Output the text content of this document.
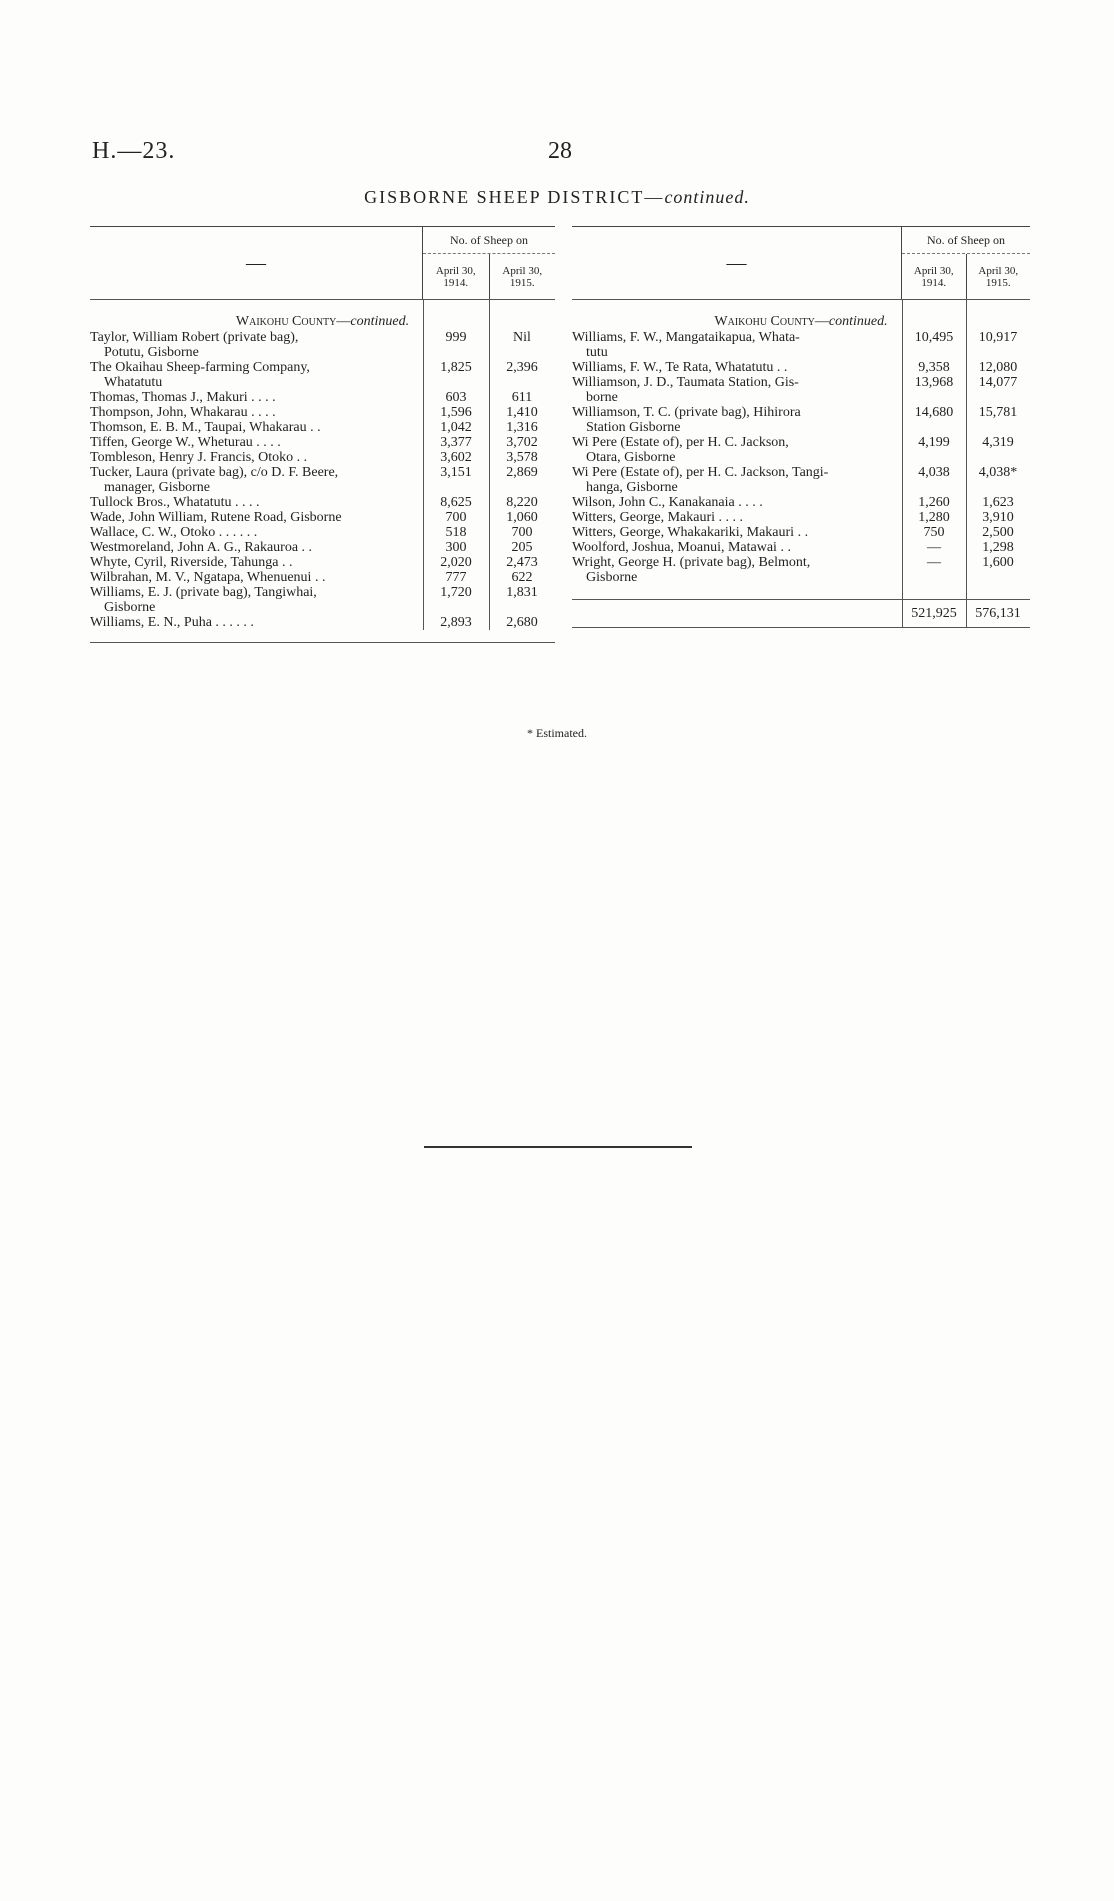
H.—23.	28
GISBORNE SHEEP DISTRICT—continued.
—
No. of Sheep on
April 30, 1914.
April 30, 1915.
Waikohu County—continued.
Taylor, William Robert (private bag),
Potutu, Gisborne
999	Nil
The Okaihau Sheep-farming Company,
Whatatutu
1,825	2,396
Thomas, Thomas J., Makuri . . . .	603	611
Thompson, John, Whakarau . . . .	1,596	1,410
Thomson, E. B. M., Taupai, Whakarau . .	1,042	1,316
Tiffen, George W., Wheturau . . . .	3,377	3,702
Tombleson, Henry J. Francis, Otoko . .	3,602	3,578
Tucker, Laura (private bag), c/o D. F. Beere,
manager, Gisborne
3,151	2,869
Tullock Bros., Whatatutu . . . .	8,625	8,220
Wade, John William, Rutene Road, Gisborne	700	1,060
Wallace, C. W., Otoko . . . . . .	518	700
Westmoreland, John A. G., Rakauroa . .	300	205
Whyte, Cyril, Riverside, Tahunga . .	2,020	2,473
Wilbrahan, M. V., Ngatapa, Whenuenui . .	777	622
Williams, E. J. (private bag), Tangiwhai,
Gisborne
1,720	1,831
Williams, E. N., Puha . . . . . .	2,893	2,680
—
No. of Sheep on
April 30, 1914.
April 30, 1915.
Waikohu County—continued.
Williams, F. W., Mangataikapua, Whata-
tutu
10,495	10,917
Williams, F. W., Te Rata, Whatatutu . .	9,358	12,080
Williamson, J. D., Taumata Station, Gis-
borne
13,968	14,077
Williamson, T. C. (private bag), Hihirora
Station Gisborne
14,680	15,781
Wi Pere (Estate of), per H. C. Jackson,
Otara, Gisborne
4,199	4,319
Wi Pere (Estate of), per H. C. Jackson, Tangi-
hanga, Gisborne
4,038	4,038*
Wilson, John C., Kanakanaia . . . .	1,260	1,623
Witters, George, Makauri . . . .	1,280	3,910
Witters, George, Whakakariki, Makauri . .	750	2,500
Woolford, Joshua, Moanui, Matawai . .	—	1,298
Wright, George H. (private bag), Belmont,
Gisborne
—	1,600
521,925	576,131
* Estimated.
